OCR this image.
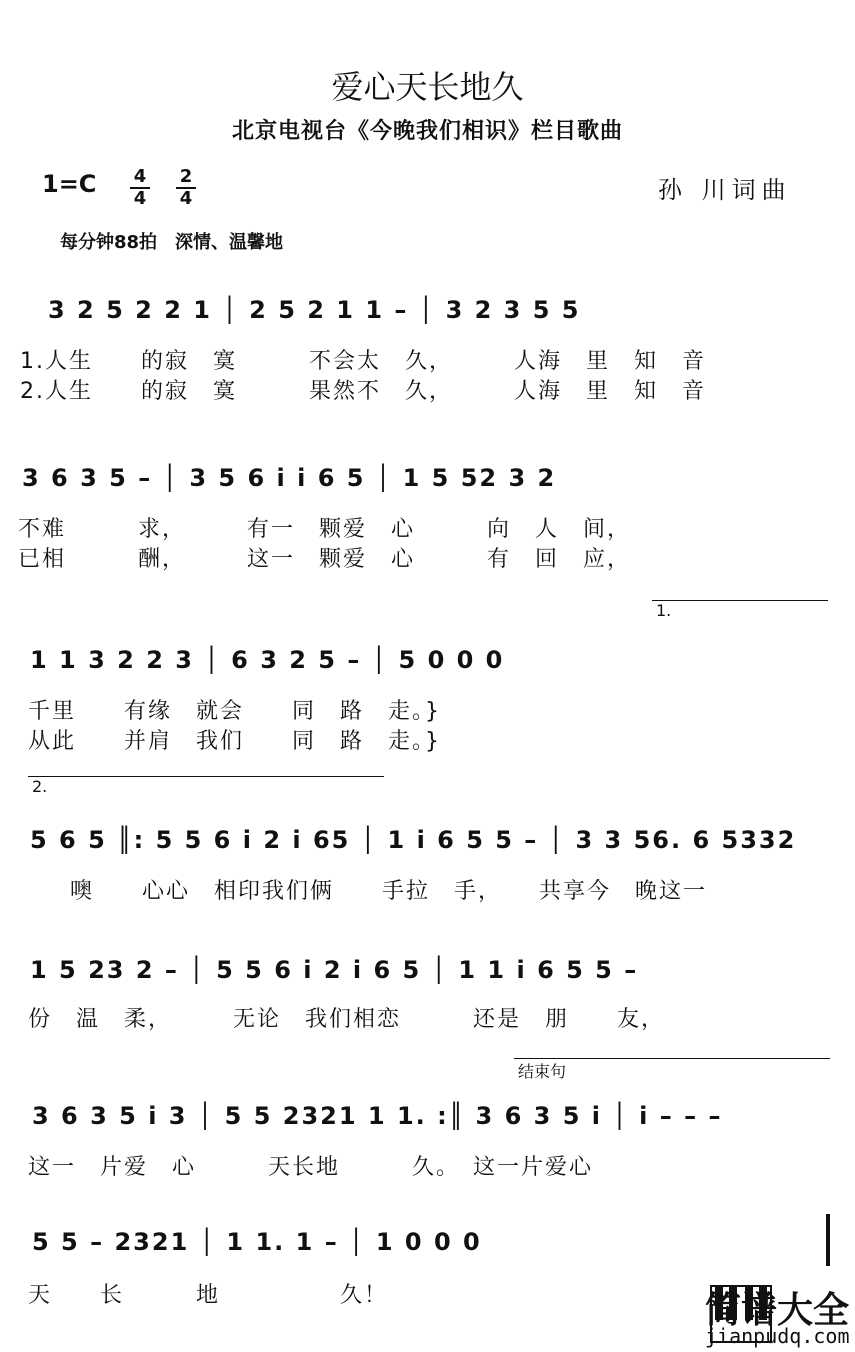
爱心天长地久
北京电视台《今晚我们相识》栏目歌曲
1=C 4
4
2
4	孙 川词曲
每分钟88拍　深情、温馨地
3 2 5 2 2 1 │ 2 5 2 1 1 – │ 3 2 3 5 5
1.人生　　的寂　寞　　　不会太　久，　　　人海　里　知　音
2.人生　　的寂　寞　　　果然不　久，　　　人海　里　知　音
3 6 3 5 – │ 3 5 6 i i 6 5 │ 1 5 52 3 2
不难　　　求，　　　有一　颗爱　心　　　向　人　间，
已相　　　酬，　　　这一　颗爱　心　　　有　回　应，
1.
1 1 3 2 2 3 │ 6 3 2 5 – │ 5 0 0 0
千里　　有缘　就会　　同　路　走。}
从此　　并肩　我们　　同　路　走。}
2.
5 6 5 ║: 5 5 6 i 2 i 65 │ 1 i 6 5 5 – │ 3 3 56. 6 5332
噢　　心心　相印我们俩　　手拉　手，　　共享今　晚这一
1 5 23 2 – │ 5 5 6 i 2 i 6 5 │ 1 1 i 6 5 5 –
份　温　柔，　　　无论　我们相恋　　　还是　朋　　友，
结束句
3 6 3 5 i 3 │ 5 5 2321 1 1. :║ 3 6 3 5 i │ i – – –
这一　片爱　心　　　天长地　　　久。　这一片爱心
5 5 – 2321 │ 1 1. 1 – │ 1 0 0 0
天　　长　　　地　　　　　久！	简谱大全
jianpudq.com
